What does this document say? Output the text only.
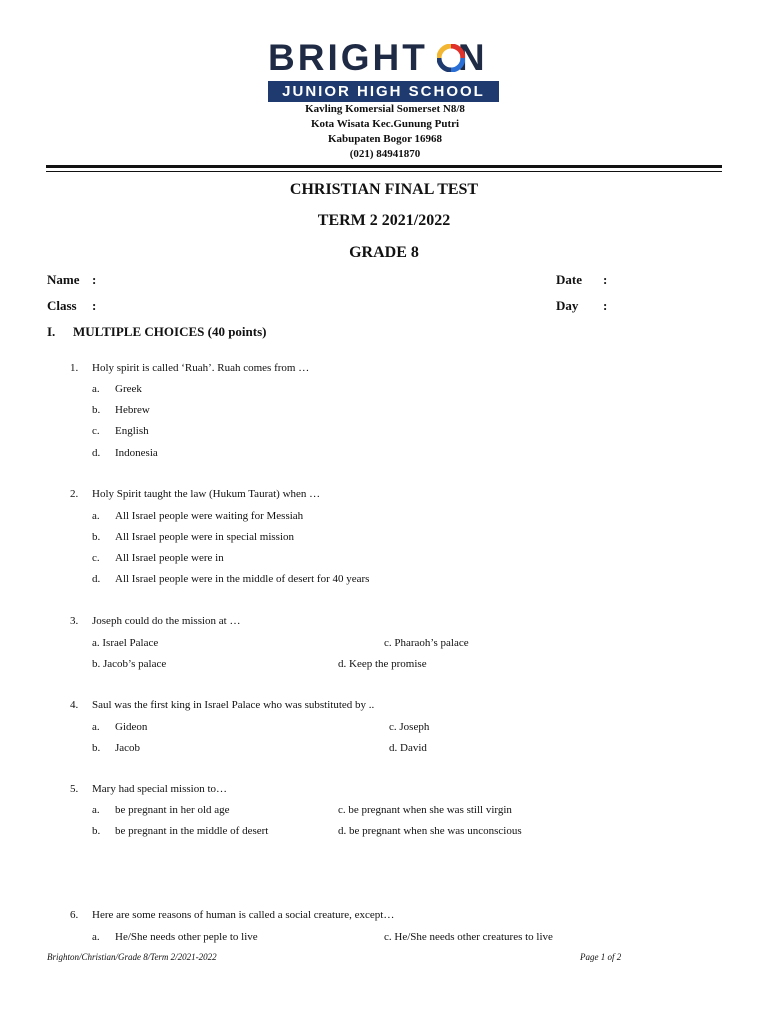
BRIGHT N
JUNIOR HIGH SCHOOL
Kavling Komersial Somerset N8/8
Kota Wisata Kec.Gunung Putri
Kabupaten Bogor 16968
(021) 84941870
CHRISTIAN FINAL TEST
TERM 2 2021/2022
GRADE 8
Name :	Date :
Class :	Day :
I. MULTIPLE CHOICES (40 points)
1. Holy spirit is called ‘Ruah’. Ruah comes from …
a. Greek
b. Hebrew
c. English
d. Indonesia
2. Holy Spirit taught the law (Hukum Taurat) when …
a. All Israel people were waiting for Messiah
b. All Israel people were in special mission
c. All Israel people were in
d. All Israel people were in the middle of desert for 40 years
3. Joseph could do the mission at …
a. Israel Palace	c. Pharaoh’s palace
b. Jacob’s palace	d. Keep the promise
4. Saul was the first king in Israel Palace who was substituted by ..
a. Gideon	c. Joseph
b. Jacob	d. David
5. Mary had special mission to…
a. be pregnant in her old age	c. be pregnant when she was still virgin
b. be pregnant in the middle of desert	d. be pregnant when she was unconscious
6. Here are some reasons of human is called a social creature, except…
a. He/She needs other peple to live	c. He/She needs other creatures to live
Brighton/Christian/Grade 8/Term 2/2021-2022	Page 1 of 2
